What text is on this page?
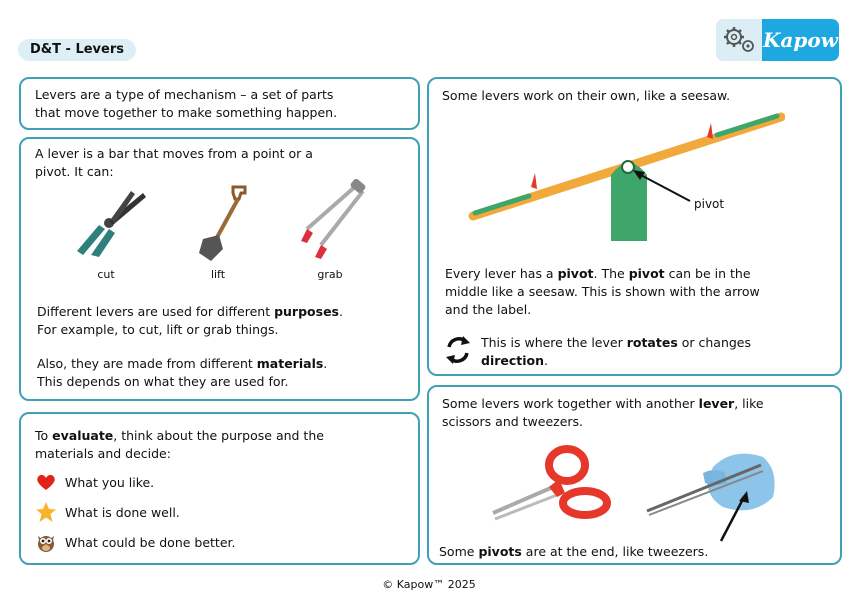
D&T - Levers	Kapow
Levers are a type of mechanism – a set of parts
that move together to make something happen.
A lever is a bar that moves from a point or a
pivot. It can:
cut	lift	grab
Different levers are used for different purposes.
For example, to cut, lift or grab things.
Also, they are made from different materials.
This depends on what they are used for.
To evaluate, think about the purpose and the
materials and decide:
What you like.
What is done well.
What could be done better.
Some levers work on their own, like a seesaw.
pivot
Every lever has a pivot. The pivot can be in the
middle like a seesaw. This is shown with the arrow
and the label.
This is where the lever rotates or changes
direction.
Some levers work together with another lever, like
scissors and tweezers.
Some pivots are at the end, like tweezers.
© Kapow™ 2025
